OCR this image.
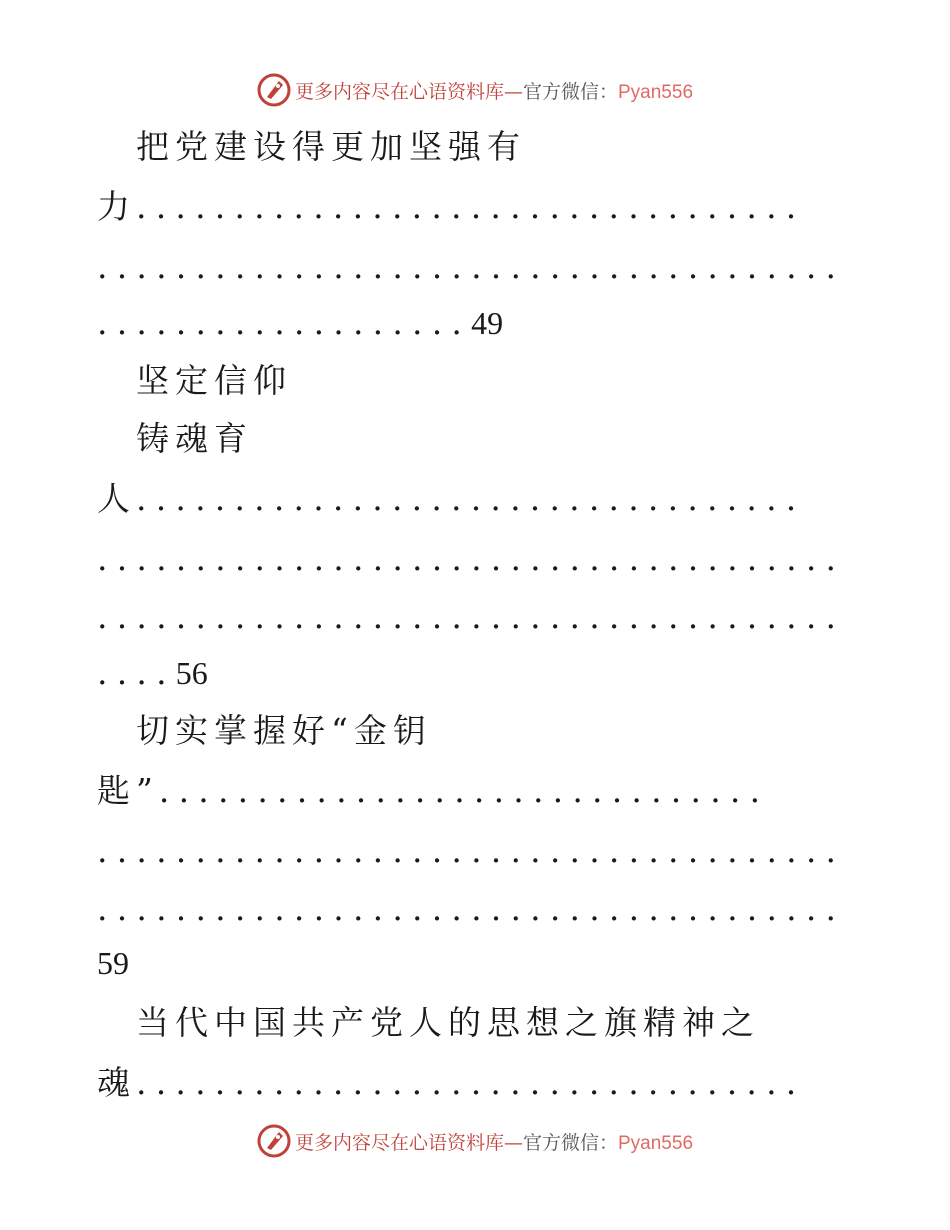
更多内容尽在心语资料库—官方微信：Pyan556
把党建设得更加坚强有
力..................................
......................................
...................49
坚定信仰
铸魂育
人..................................
......................................
......................................
....56
切实掌握好“金钥
匙”...............................
......................................
......................................
59
当代中国共产党人的思想之旗精神之
魂..................................
更多内容尽在心语资料库—官方微信：Pyan556
